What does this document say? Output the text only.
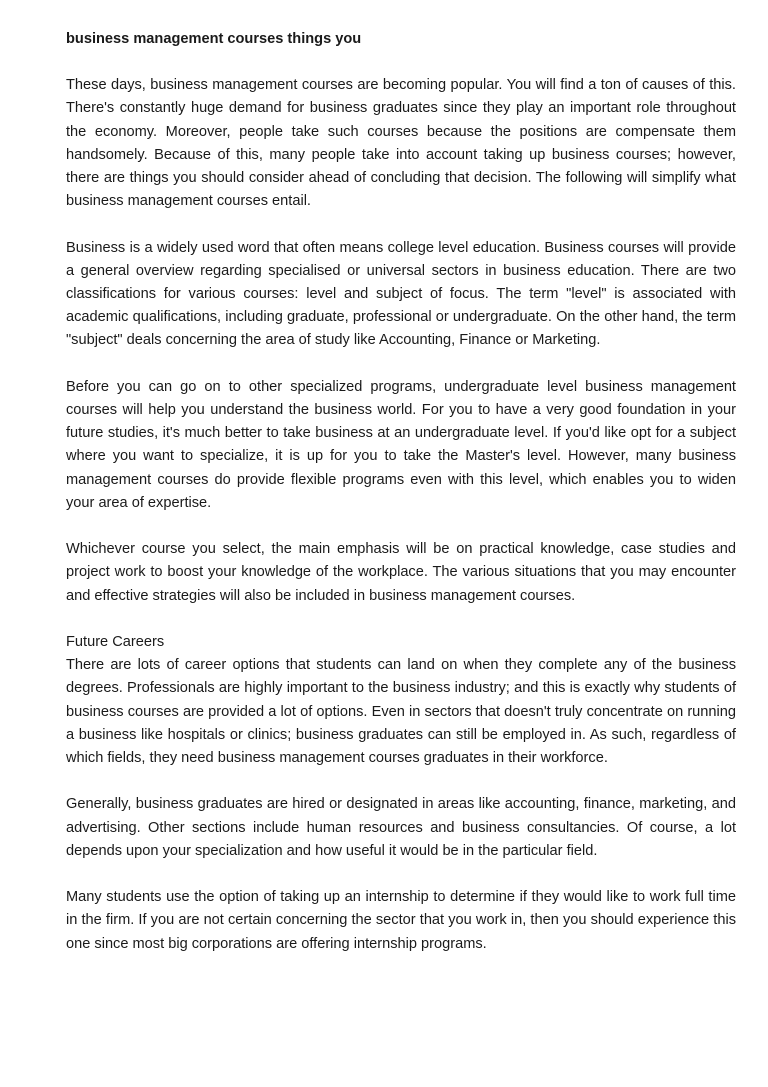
business management courses things you

These days, business management courses are becoming popular. You will find a ton of causes of this. There's constantly huge demand for business graduates since they play an important role throughout the economy. Moreover, people take such courses because the positions are compensate them handsomely. Because of this, many people take into account taking up business courses; however, there are things you should consider ahead of concluding that decision. The following will simplify what business management courses entail.

Business is a widely used word that often means college level education. Business courses will provide a general overview regarding specialised or universal sectors in business education. There are two classifications for various courses: level and subject of focus. The term "level" is associated with academic qualifications, including graduate, professional or undergraduate. On the other hand, the term "subject" deals concerning the area of study like Accounting, Finance or Marketing.

Before you can go on to other specialized programs, undergraduate level business management courses will help you understand the business world. For you to have a very good foundation in your future studies, it's much better to take business at an undergraduate level. If you'd like opt for a subject where you want to specialize, it is up for you to take the Master's level. However, many business management courses do provide flexible programs even with this level, which enables you to widen your area of expertise.

Whichever course you select, the main emphasis will be on practical knowledge, case studies and project work to boost your knowledge of the workplace. The various situations that you may encounter and effective strategies will also be included in business management courses.

Future Careers

There are lots of career options that students can land on when they complete any of the business degrees. Professionals are highly important to the business industry; and this is exactly why students of business courses are provided a lot of options. Even in sectors that doesn't truly concentrate on running a business like hospitals or clinics; business graduates can still be employed in. As such, regardless of which fields, they need business management courses graduates in their workforce.

Generally, business graduates are hired or designated in areas like accounting, finance, marketing, and advertising. Other sections include human resources and business consultancies. Of course, a lot depends upon your specialization and how useful it would be in the particular field.

Many students use the option of taking up an internship to determine if they would like to work full time in the firm. If you are not certain concerning the sector that you work in, then you should experience this one since most big corporations are offering internship programs.
